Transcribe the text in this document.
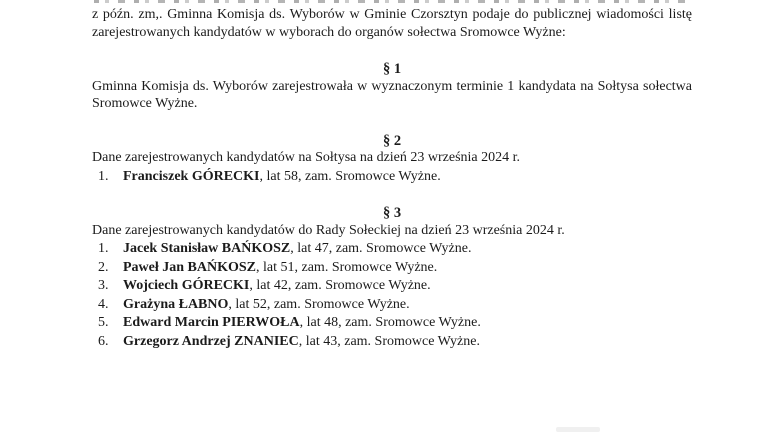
z późn. zm,. Gminna Komisja ds. Wyborów w Gminie Czorsztyn podaje do publicznej wiadomości listę zarejestrowanych kandydatów w wyborach do organów sołectwa Sromowce Wyżne:

§ 1

Gminna Komisja ds. Wyborów zarejestrowała w wyznaczonym terminie 1 kandydata na Sołtysa sołectwa Sromowce Wyżne.

§ 2

Dane zarejestrowanych kandydatów na Sołtysa na dzień 23 września 2024 r.

1. Franciszek GÓRECKI, lat 58, zam. Sromowce Wyżne.

§ 3

Dane zarejestrowanych kandydatów do Rady Sołeckiej na dzień 23 września 2024 r.

1. Jacek Stanisław BAŃKOSZ, lat 47, zam. Sromowce Wyżne.
2. Paweł Jan BAŃKOSZ, lat 51, zam. Sromowce Wyżne.
3. Wojciech GÓRECKI, lat 42, zam. Sromowce Wyżne.
4. Grażyna ŁABNO, lat 52, zam. Sromowce Wyżne.
5. Edward Marcin PIERWOŁA, lat 48, zam. Sromowce Wyżne.
6. Grzegorz Andrzej ZNANIEC, lat 43, zam. Sromowce Wyżne.
